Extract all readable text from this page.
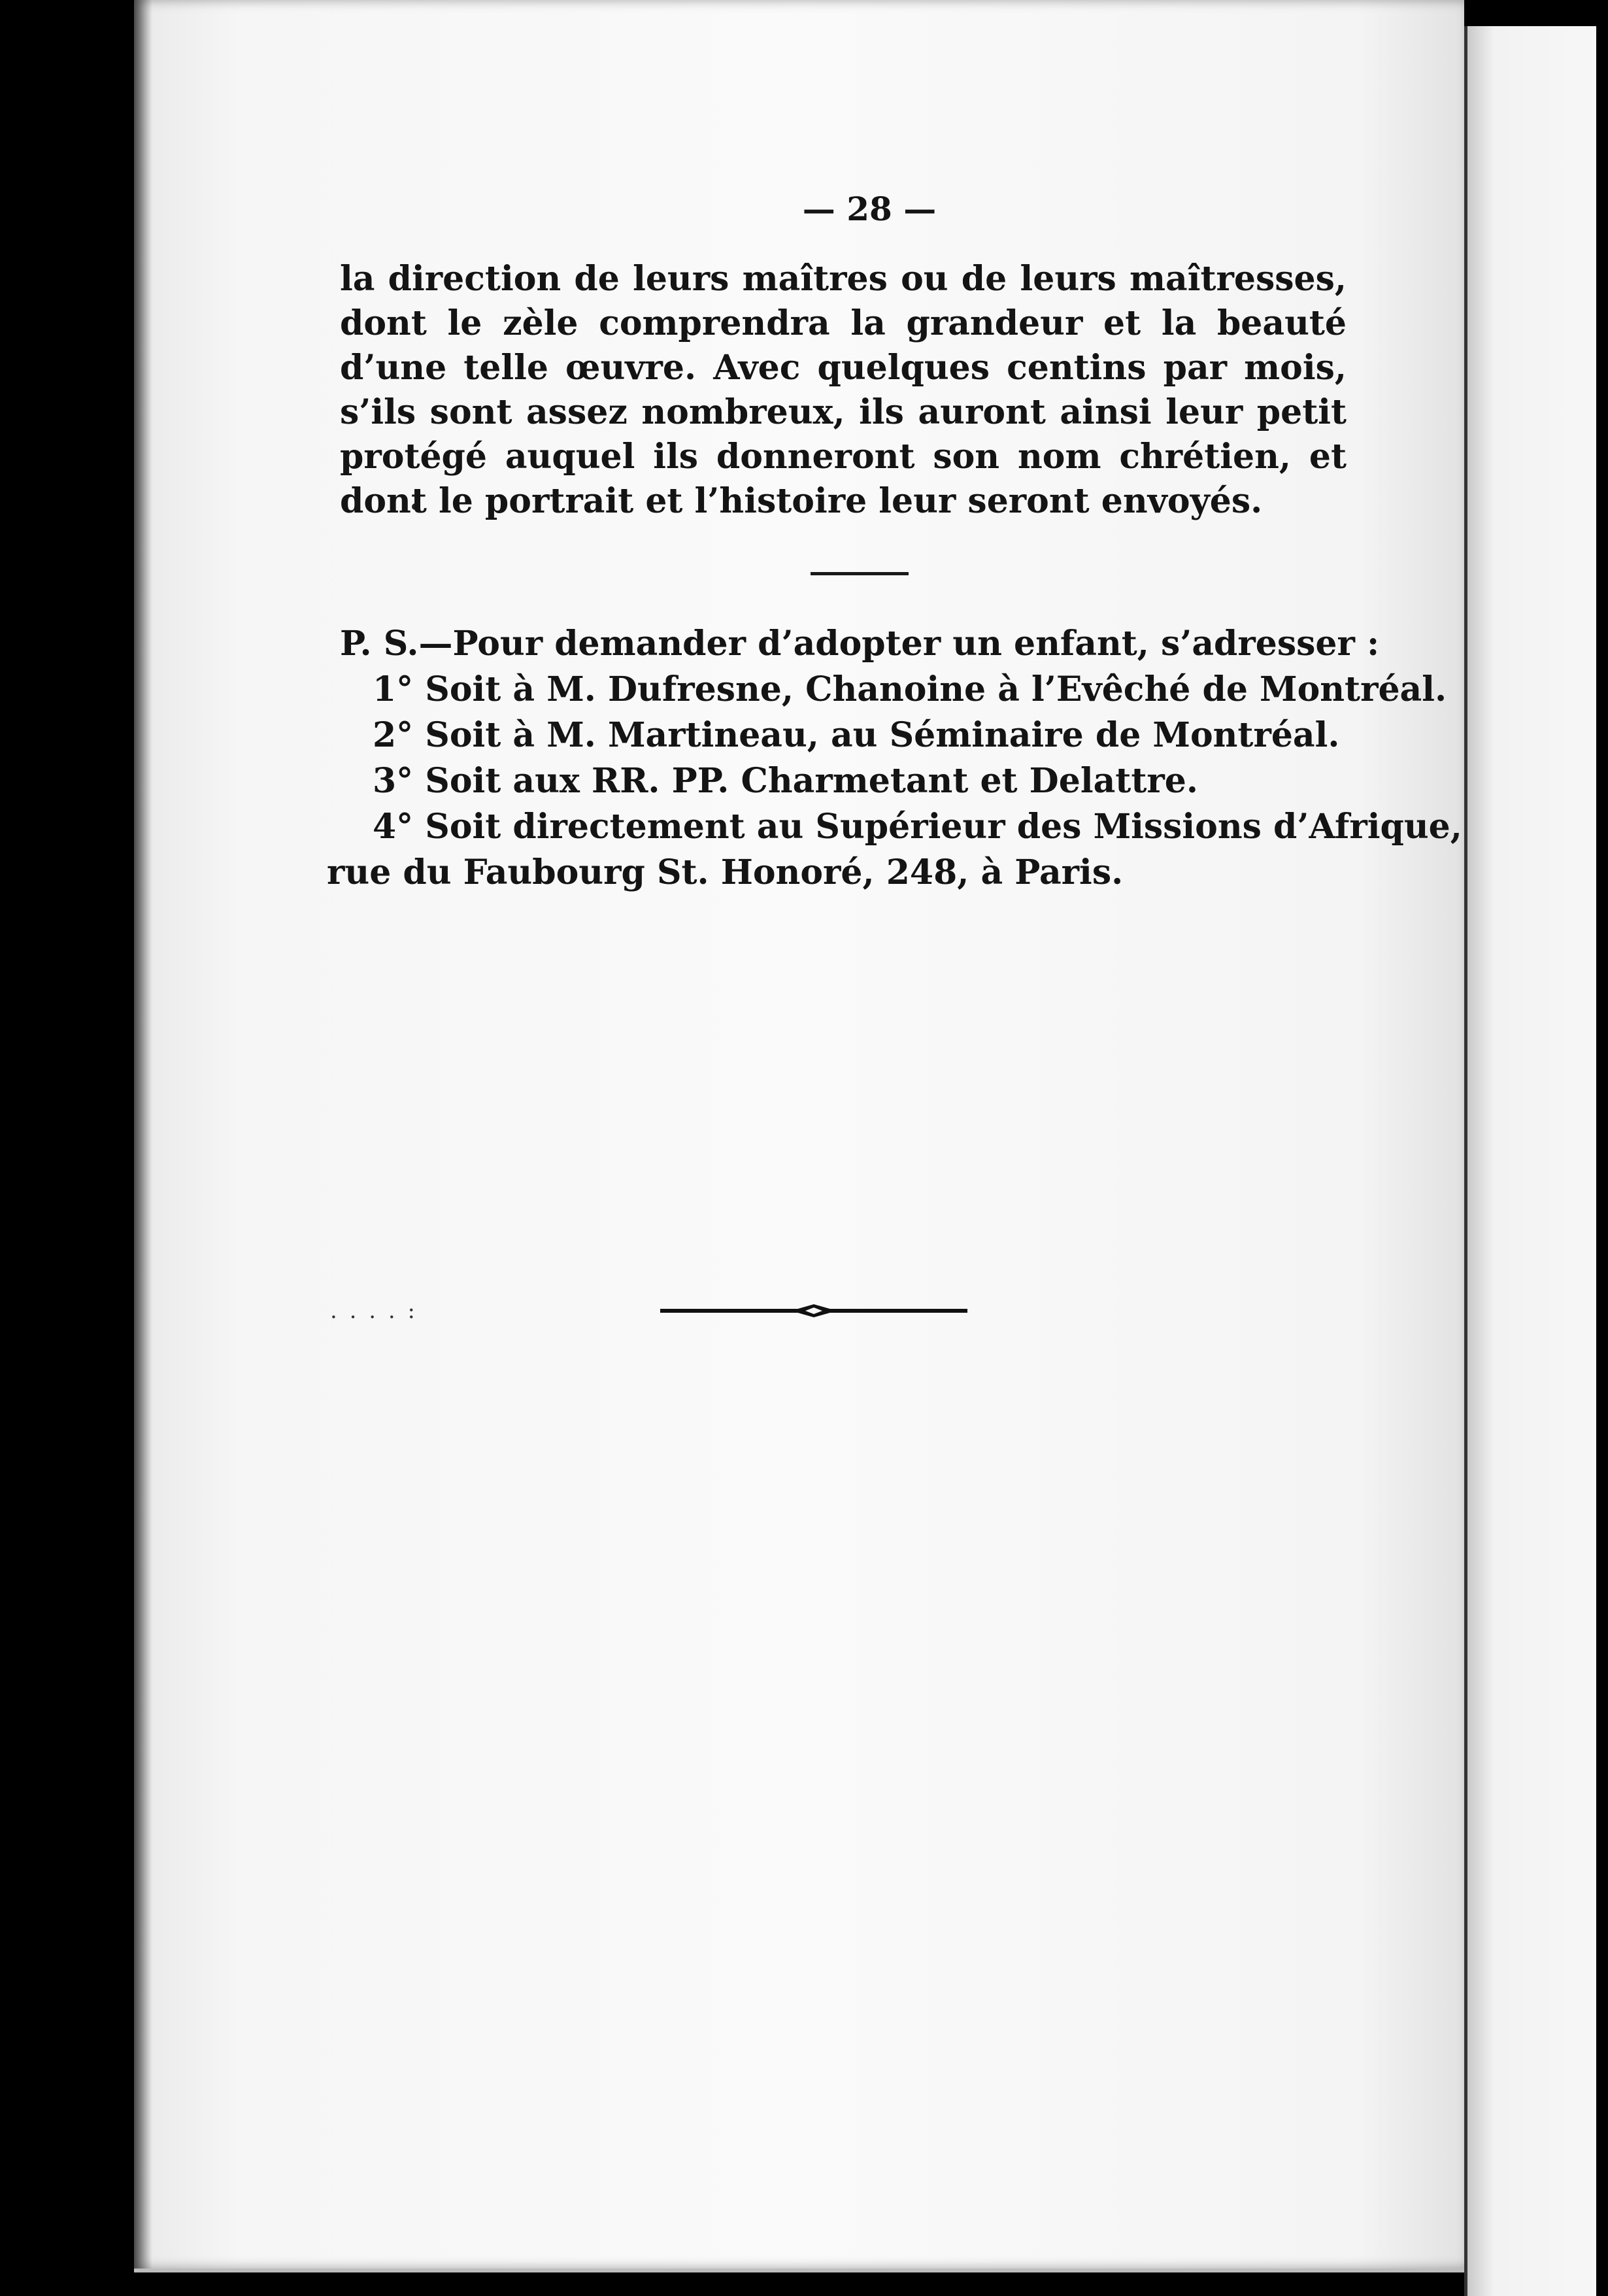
— 28 —

la direction de leurs maîtres ou de leurs maîtresses, dont le zèle comprendra la grandeur et la beauté d’une telle œuvre. Avec quelques centins par mois, s’ils sont assez nombreux, ils auront ainsi leur petit protégé auquel ils donneront son nom chrétien, et dont le portrait et l’histoire leur seront envoyés.

P. S.—Pour demander d’adopter un enfant, s’adresser :

1° Soit à M. Dufresne, Chanoine à l’Evêché de Montréal.

2° Soit à M. Martineau, au Séminaire de Montréal.

3° Soit aux RR. PP. Charmetant et Delattre.

4° Soit directement au Supérieur des Missions d’Afrique,

rue du Faubourg St. Honoré, 248, à Paris.

. . . . :
